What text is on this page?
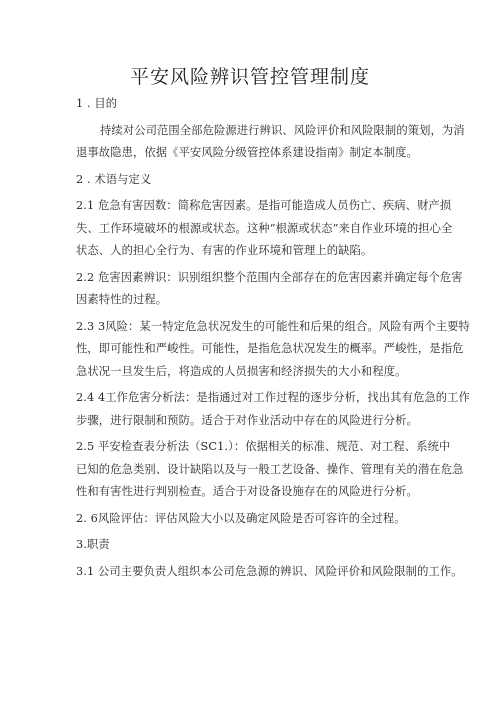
平安风险辨识管控管理制度
1 . 目的
持续对公司范围全部危险源进行辨识、风险评价和风险限制的策划，为消
退事故隐患，依据《平安风险分级管控体系建设指南》制定本制度。
2 . 术语与定义
2.1 危急有害因数：简称危害因素。是指可能造成人员伤亡、疾病、财产损
失、工作环境破坏的根源或状态。这种“根源或状态”来自作业环境的担心全
状态、人的担心全行为、有害的作业环境和管理上的缺陷。
2.2 危害因素辨识：识别组织整个范围内全部存在的危害因素并确定每个危害
因素特性的过程。
2.3 3风险：某一特定危急状况发生的可能性和后果的组合。风险有两个主要特
性，即可能性和严峻性。可能性，是指危急状况发生的概率。严峻性，是指危
急状况一旦发生后，将造成的人员损害和经济损失的大小和程度。
2.4 4工作危害分析法：是指通过对工作过程的逐步分析，找出其有危急的工作
步骤，进行限制和预防。适合于对作业活动中存在的风险进行分析。
2.5 平安检查表分析法（SC1.）：依据相关的标准、规范、对工程、系统中
已知的危急类别、设计缺陷以及与一般工艺设备、操作、管理有关的潜在危急
性和有害性进行判别检查。适合于对设备设施存在的风险进行分析。
2. 6风险评估：评估风险大小以及确定风险是否可容许的全过程。
3.职责
3.1 公司主要负责人组织本公司危急源的辨识、风险评价和风险限制的工作。
